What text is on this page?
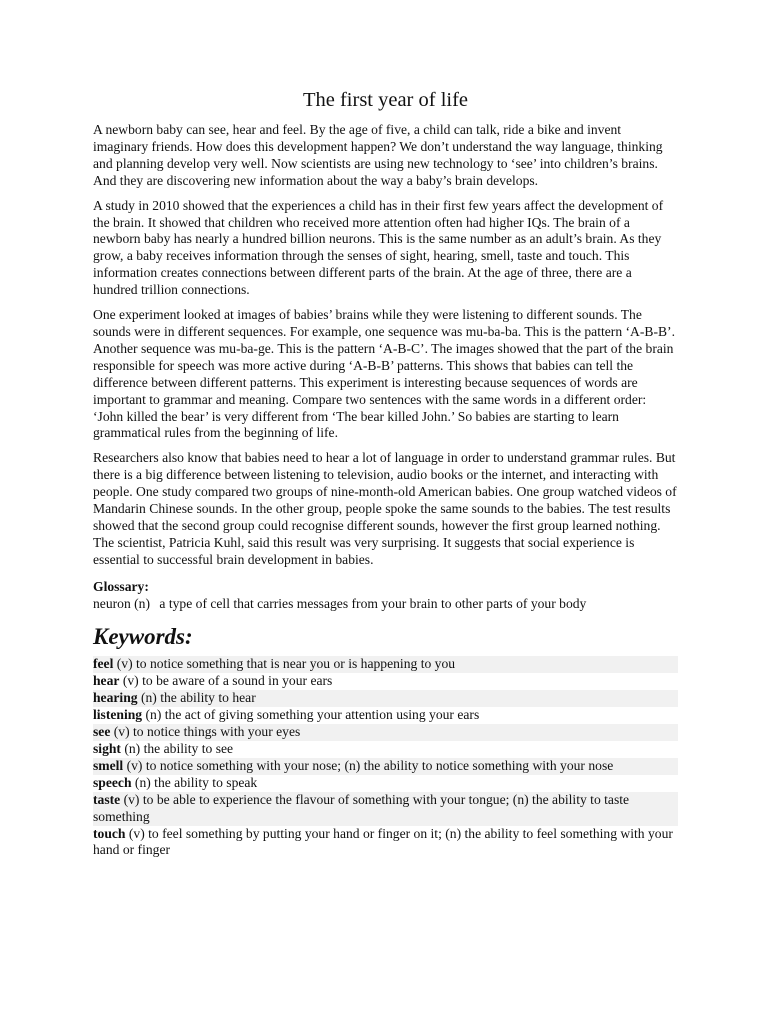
The first year of life

A newborn baby can see, hear and feel. By the age of five, a child can talk, ride a bike and invent imaginary friends. How does this development happen? We don’t understand the way language, thinking and planning develop very well. Now scientists are using new technology to ‘see’ into children’s brains. And they are discovering new information about the way a baby’s brain develops.

A study in 2010 showed that the experiences a child has in their first few years affect the development of the brain. It showed that children who received more attention often had higher IQs. The brain of a newborn baby has nearly a hundred billion neurons. This is the same number as an adult’s brain. As they grow, a baby receives information through the senses of sight, hearing, smell, taste and touch. This information creates connections between different parts of the brain. At the age of three, there are a hundred trillion connections.

One experiment looked at images of babies’ brains while they were listening to different sounds. The sounds were in different sequences. For example, one sequence was mu-ba-ba. This is the pattern ‘A-B-B’. Another sequence was mu-ba-ge. This is the pattern ‘A-B-C’. The images showed that the part of the brain responsible for speech was more active during ‘A-B-B’ patterns. This shows that babies can tell the difference between different patterns. This experiment is interesting because sequences of words are important to grammar and meaning. Compare two sentences with the same words in a different order: ‘John killed the bear’ is very different from ‘The bear killed John.’ So babies are starting to learn grammatical rules from the beginning of life.

Researchers also know that babies need to hear a lot of language in order to understand grammar rules. But there is a big difference between listening to television, audio books or the internet, and interacting with people. One study compared two groups of nine-month-old American babies. One group watched videos of Mandarin Chinese sounds. In the other group, people spoke the same sounds to the babies. The test results showed that the second group could recognise different sounds, however the first group learned nothing. The scientist, Patricia Kuhl, said this result was very surprising. It suggests that social experience is essential to successful brain development in babies.

Glossary:
neuron (n) a type of cell that carries messages from your brain to other parts of your body
Keywords:
feel (v) to notice something that is near you or is happening to you
hear (v) to be aware of a sound in your ears
hearing (n) the ability to hear
listening (n) the act of giving something your attention using your ears
see (v) to notice things with your eyes
sight (n) the ability to see
smell (v) to notice something with your nose; (n) the ability to notice something with your nose
speech (n) the ability to speak
taste (v) to be able to experience the flavour of something with your tongue; (n) the ability to taste something
touch (v) to feel something by putting your hand or finger on it; (n) the ability to feel something with your hand or finger
